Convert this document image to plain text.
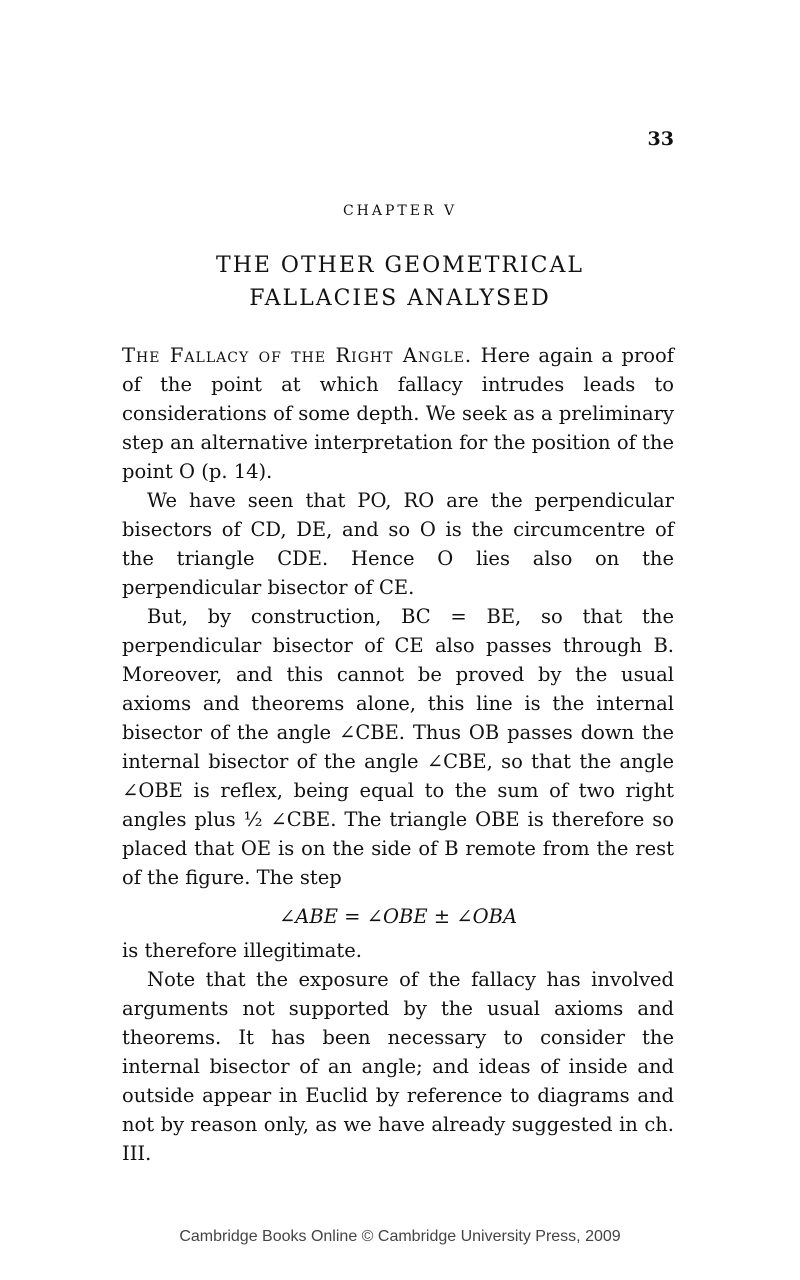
33
CHAPTER V
THE OTHER GEOMETRICAL
FALLACIES ANALYSED

The Fallacy of the Right Angle. Here again a proof of the point at which fallacy intrudes leads to considerations of some depth. We seek as a preliminary step an alternative interpretation for the position of the point O (p. 14).

We have seen that PO, RO are the perpendicular bisectors of CD, DE, and so O is the circumcentre of the triangle CDE. Hence O lies also on the perpendicular bisector of CE.

But, by construction, BC = BE, so that the perpendicular bisector of CE also passes through B. Moreover, and this cannot be proved by the usual axioms and theorems alone, this line is the internal bisector of the angle ∠CBE. Thus OB passes down the internal bisector of the angle ∠CBE, so that the angle ∠OBE is reflex, being equal to the sum of two right angles plus ½ ∠CBE. The triangle OBE is therefore so placed that OE is on the side of B remote from the rest of the figure. The step

∠ABE = ∠OBE ± ∠OBA

is therefore illegitimate.

Note that the exposure of the fallacy has involved arguments not supported by the usual axioms and theorems. It has been necessary to consider the internal bisector of an angle; and ideas of inside and outside appear in Euclid by reference to diagrams and not by reason only, as we have already suggested in ch. III.

Cambridge Books Online © Cambridge University Press, 2009
